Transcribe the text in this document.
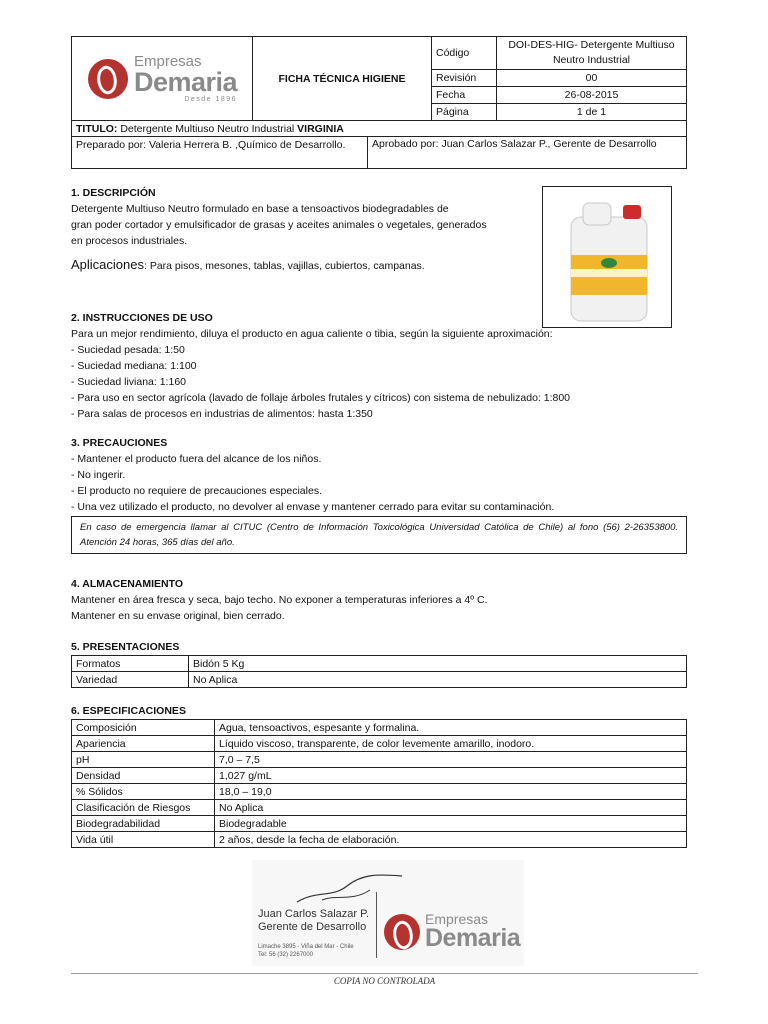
Empresas
Demaria
Desde 1896	FICHA TÉCNICA HIGIENE	Código	DOI-DES-HIG- Detergente Multiuso Neutro Industrial
		Revisión	00
		Fecha	26-08-2015
		Página	1 de 1
TITULO: Detergente Multiuso Neutro Industrial VIRGINIA
Preparado por: Valeria Herrera B. ,Químico de Desarrollo.	Aprobado por: Juan Carlos Salazar P., Gerente de Desarrollo
1. DESCRIPCIÓN
Detergente Multiuso Neutro formulado en base a tensoactivos biodegradables de
gran poder cortador y emulsificador de grasas y aceites animales o vegetales, generados
en procesos industriales.
Aplicaciones: Para pisos, mesones, tablas, vajillas, cubiertos, campanas.
2. INSTRUCCIONES DE USO
Para un mejor rendimiento, diluya el producto en agua caliente o tibia, según la siguiente aproximación:
- Suciedad pesada: 1:50
- Suciedad mediana: 1:100
- Suciedad liviana: 1:160
- Para uso en sector agrícola (lavado de follaje árboles frutales y cítricos) con sistema de nebulizado: 1:800
- Para salas de procesos en industrias de alimentos: hasta 1:350
3. PRECAUCIONES
- Mantener el producto fuera del alcance de los niños.
- No ingerir.
- El producto no requiere de precauciones especiales.
- Una vez utilizado el producto, no devolver al envase y mantener cerrado para evitar su contaminación.
En caso de emergencia llamar al CITUC (Centro de Información Toxicológica Universidad Católica de Chile) al fono (56) 2-26353800. Atención 24 horas, 365 días del año.
4. ALMACENAMIENTO
Mantener en área fresca y seca, bajo techo. No exponer a temperaturas inferiores a 4º C.
Mantener en su envase original, bien cerrado.
5. PRESENTACIONES
Formatos	Bidón 5 Kg
Variedad	No Aplica
6. ESPECIFICACIONES
Composición	Agua, tensoactivos, espesante y formalina.
Apariencia	Líquido viscoso, transparente, de color levemente amarillo, inodoro.
pH	7,0 – 7,5
Densidad	1,027 g/mL
% Sólidos	18,0 – 19,0
Clasificación de Riesgos	No Aplica
Biodegradabilidad	Biodegradable
Vida útil	2 años, desde la fecha de elaboración.
Juan Carlos Salazar P.
Gerente de Desarrollo
Limache 3895 - Viña del Mar - Chile
Tel: 56 (32) 2267000
Empresas
Demaria
COPIA NO CONTROLADA
